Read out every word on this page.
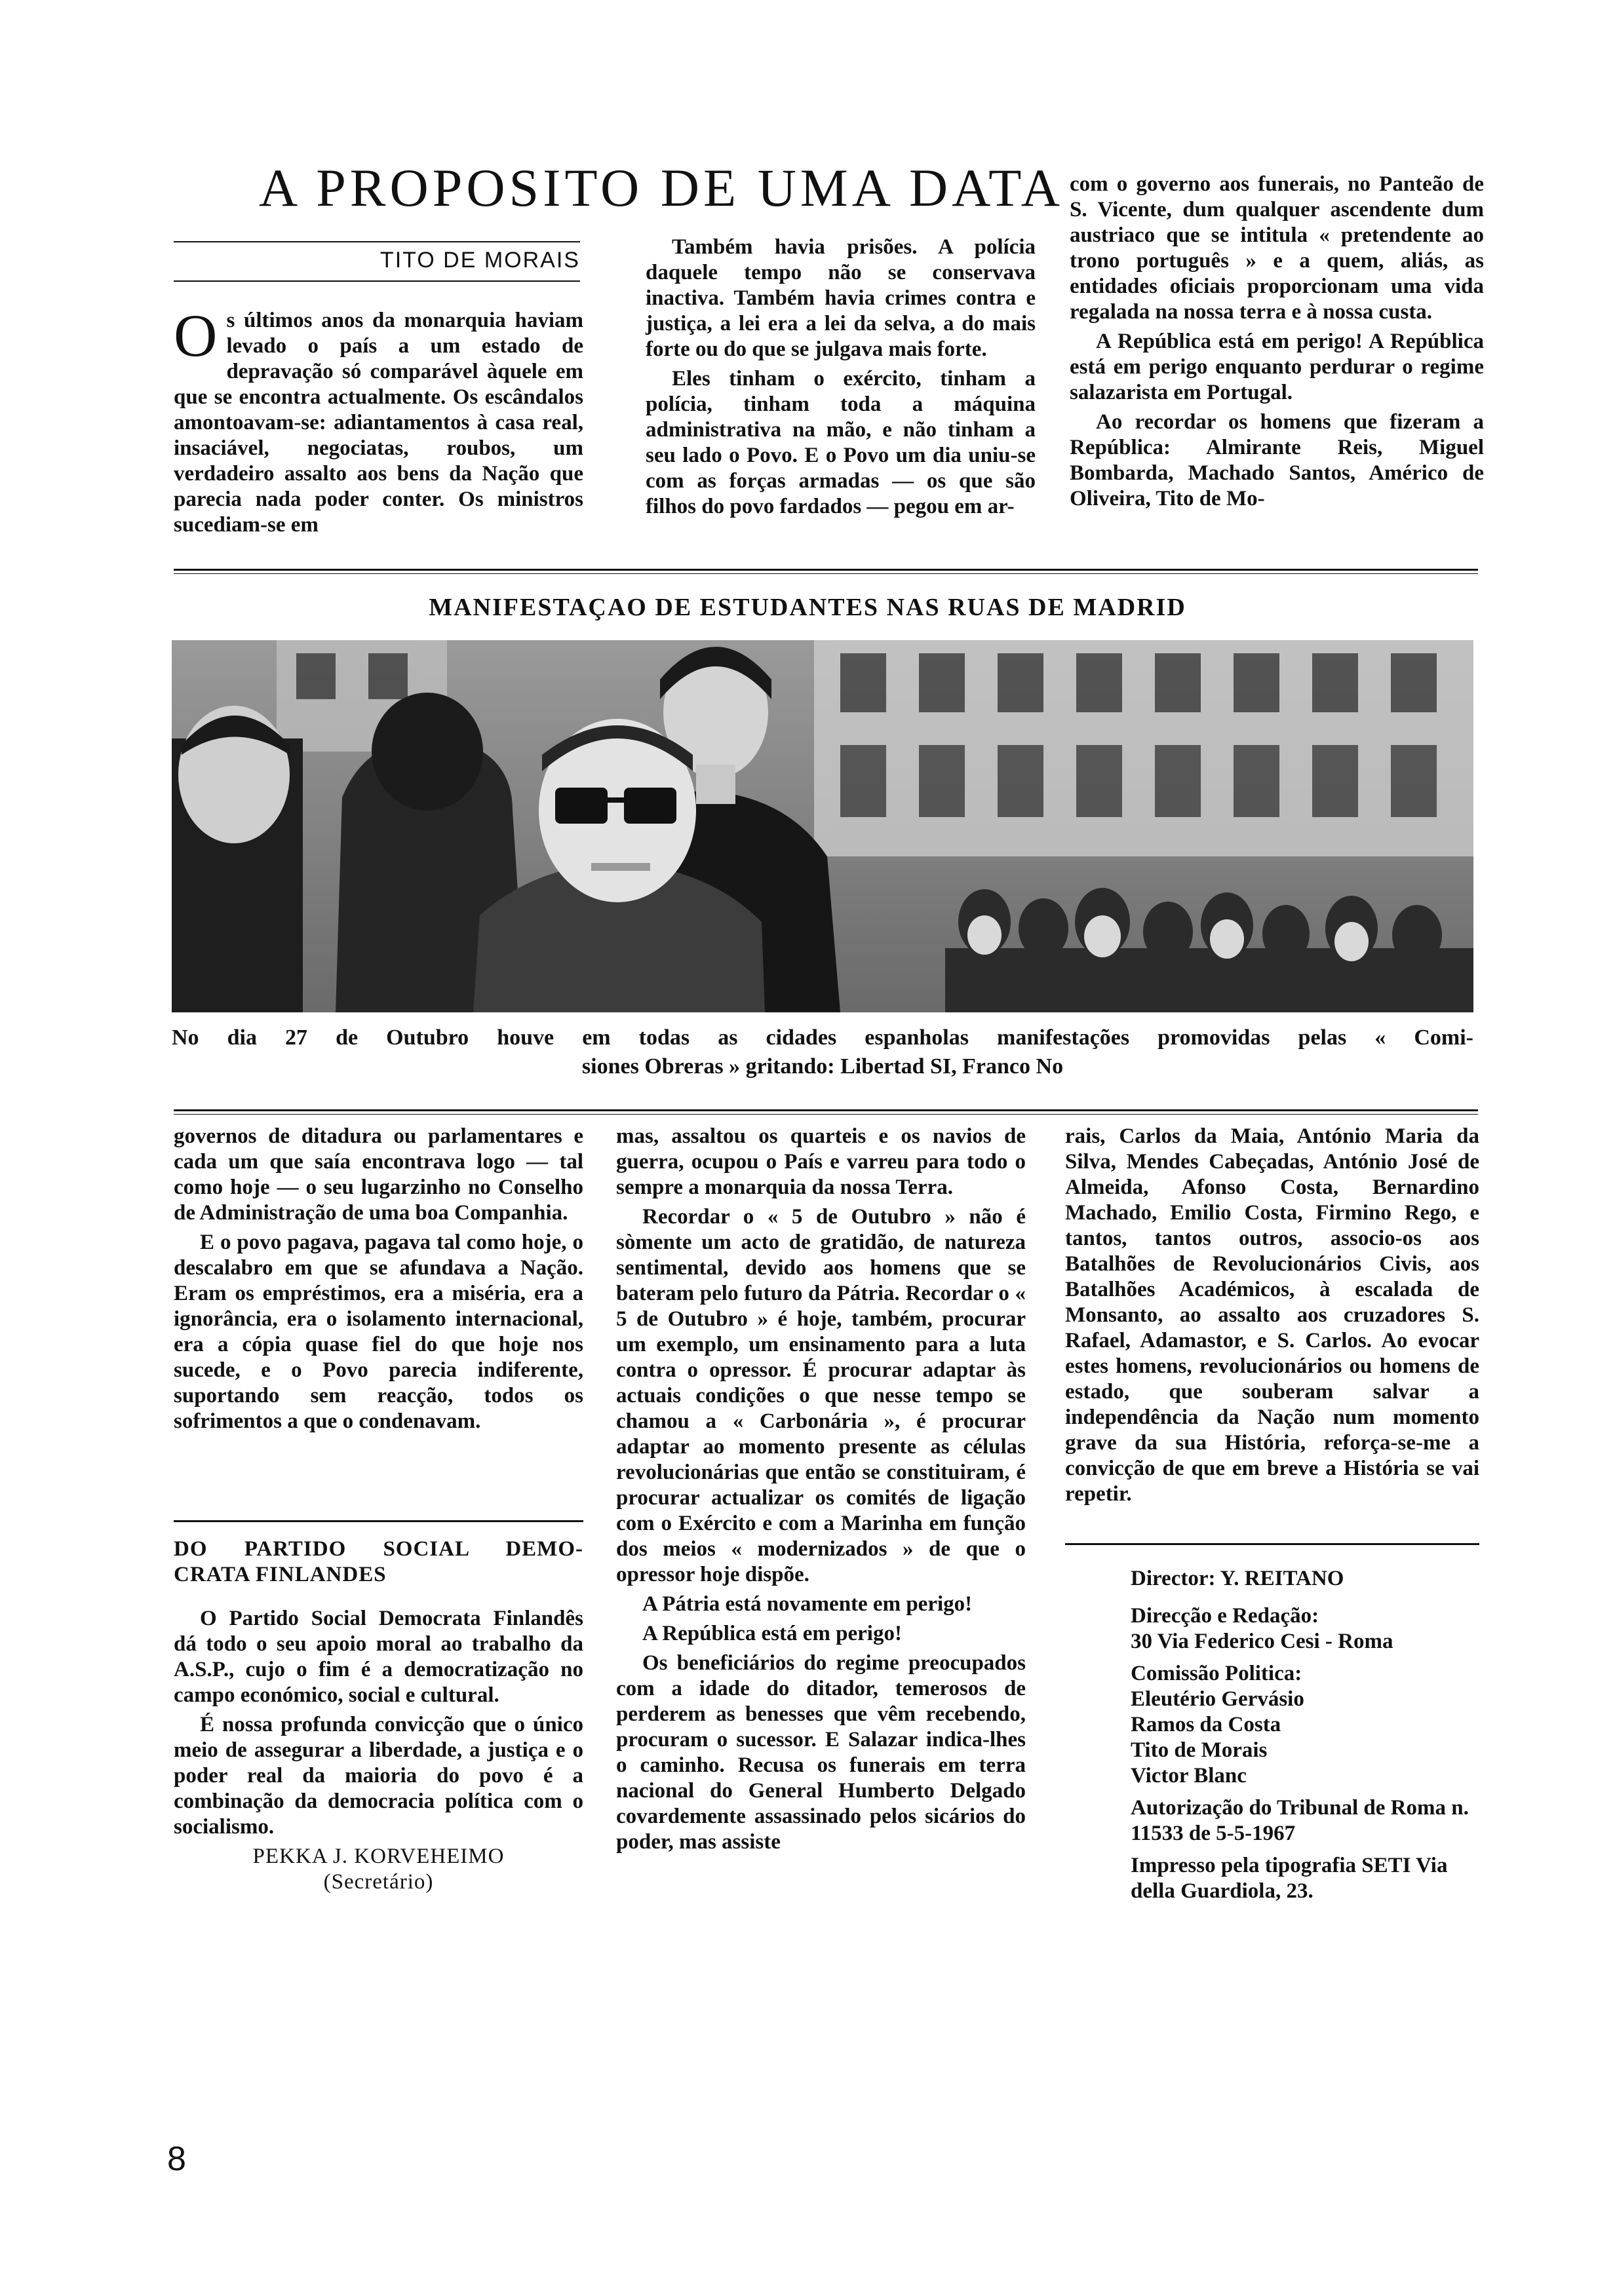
A PROPOSITO DE UMA DATA
TITO DE MORAIS

Os últimos anos da monarquia haviam levado o país a um estado de depravação só comparável àquele em que se encontra actualmente. Os escândalos amontoavam-se: adiantamentos à casa real, insaciável, negociatas, roubos, um verdadeiro assalto aos bens da Nação que parecia nada poder conter. Os ministros sucediam-se em

Também havia prisões. A polícia daquele tempo não se conservava inactiva. Também havia crimes contra e justiça, a lei era a lei da selva, a do mais forte ou do que se julgava mais forte.

Eles tinham o exército, tinham a polícia, tinham toda a máquina administrativa na mão, e não tinham a seu lado o Povo. E o Povo um dia uniu-se com as forças armadas — os que são filhos do povo fardados — pegou em ar-

com o governo aos funerais, no Panteão de S. Vicente, dum qualquer ascendente dum austriaco que se intitula « pretendente ao trono português » e a quem, aliás, as entidades oficiais proporcionam uma vida regalada na nossa terra e à nossa custa.

A República está em perigo! A República está em perigo enquanto perdurar o regime salazarista em Portugal.

Ao recordar os homens que fizeram a República: Almirante Reis, Miguel Bombarda, Machado Santos, Américo de Oliveira, Tito de Mo-

MANIFESTAÇAO DE ESTUDANTES NAS RUAS DE MADRID
No dia 27 de Outubro houve em todas as cidades espanholas manifestações promovidas pelas « Comi-
siones Obreras » gritando: Libertad SI, Franco No

governos de ditadura ou parlamentares e cada um que saía encontrava logo — tal como hoje — o seu lugarzinho no Conselho de Administração de uma boa Companhia.

E o povo pagava, pagava tal como hoje, o descalabro em que se afundava a Nação. Eram os empréstimos, era a miséria, era a ignorância, era o isolamento internacional, era a cópia quase fiel do que hoje nos sucede, e o Povo parecia indiferente, suportando sem reacção, todos os sofrimentos a que o condenavam.

DO PARTIDO SOCIAL DEMO-
CRATA FINLANDES

O Partido Social Democrata Finlandês dá todo o seu apoio moral ao trabalho da A.S.P., cujo o fim é a democratização no campo económico, social e cultural.

É nossa profunda convicção que o único meio de assegurar a liberdade, a justiça e o poder real da maioria do povo é a combinação da democracia política com o socialismo.

PEKKA J. KORVEHEIMO
(Secretário)

mas, assaltou os quarteis e os navios de guerra, ocupou o País e varreu para todo o sempre a monarquia da nossa Terra.

Recordar o « 5 de Outubro » não é sòmente um acto de gratidão, de natureza sentimental, devido aos homens que se bateram pelo futuro da Pátria. Recordar o « 5 de Outubro » é hoje, também, procurar um exemplo, um ensinamento para a luta contra o opressor. É procurar adaptar às actuais condições o que nesse tempo se chamou a « Carbonária », é procurar adaptar ao momento presente as células revolucionárias que então se constituiram, é procurar actualizar os comités de ligação com o Exército e com a Marinha em função dos meios « modernizados » de que o opressor hoje dispõe.

A Pátria está novamente em perigo!

A República está em perigo!

Os beneficiários do regime preocupados com a idade do ditador, temerosos de perderem as benesses que vêm recebendo, procuram o sucessor. E Salazar indica-lhes o caminho. Recusa os funerais em terra nacional do General Humberto Delgado covardemente assassinado pelos sicários do poder, mas assiste

rais, Carlos da Maia, António Maria da Silva, Mendes Cabeçadas, António José de Almeida, Afonso Costa, Bernardino Machado, Emilio Costa, Firmino Rego, e tantos, tantos outros, associo-os aos Batalhões de Revolucionários Civis, aos Batalhões Académicos, à escalada de Monsanto, ao assalto aos cruzadores S. Rafael, Adamastor, e S. Carlos. Ao evocar estes homens, revolucionários ou homens de estado, que souberam salvar a independência da Nação num momento grave da sua História, reforça-se-me a convicção de que em breve a História se vai repetir.

Director: Y. REITANO

Direcção e Redação:
30 Via Federico Cesi - Roma

Comissão Politica:
Eleutério Gervásio
Ramos da Costa
Tito de Morais
Victor Blanc

Autorização do Tribunal de Roma n. 11533 de 5-5-1967

Impresso pela tipografia SETI Via della Guardiola, 23.

8
